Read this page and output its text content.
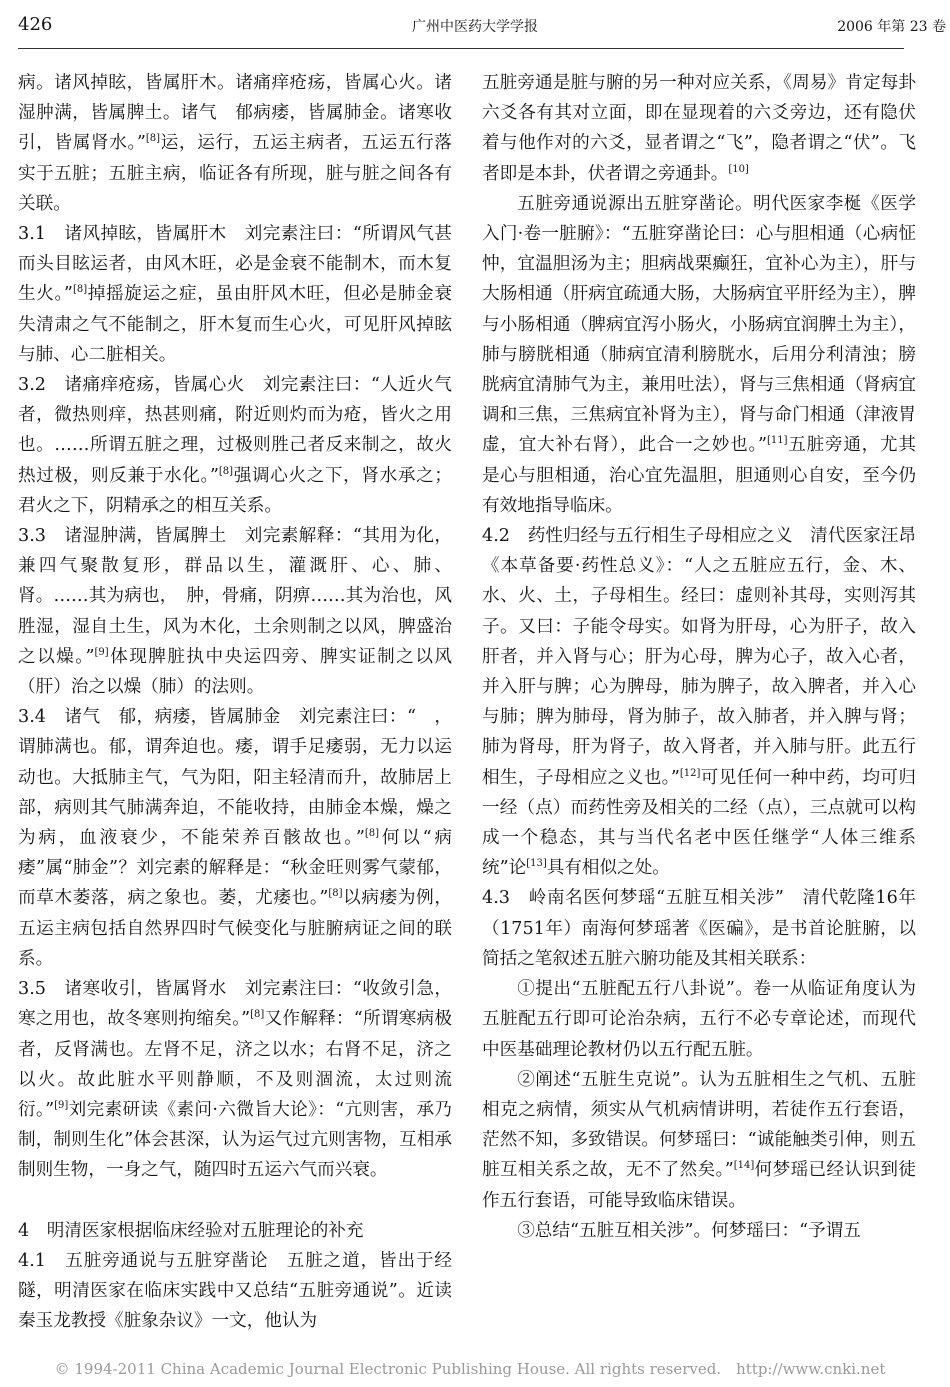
426	广州中医药大学学报	2006 年第 23 卷

病。诸风掉眩，皆属肝木。诸痛痒疮疡，皆属心火。诸湿肿满，皆属脾土。诸气　郁病痿，皆属肺金。诸寒收引，皆属肾水。”[8]运，运行，五运主病者，五运五行落实于五脏；五脏主病，临证各有所现，脏与脏之间各有关联。

3.1　诸风掉眩，皆属肝木　刘完素注曰：“所谓风气甚而头目眩运者，由风木旺，必是金衰不能制木，而木复生火。”[8]掉摇旋运之症，虽由肝风木旺，但必是肺金衰失清肃之气不能制之，肝木复而生心火，可见肝风掉眩与肺、心二脏相关。

3.2　诸痛痒疮疡，皆属心火　刘完素注曰：“人近火气者，微热则痒，热甚则痛，附近则灼而为疮，皆火之用也。……所谓五脏之理，过极则胜己者反来制之，故火热过极，则反兼于水化。”[8]强调心火之下，肾水承之；君火之下，阴精承之的相互关系。

3.3　诸湿肿满，皆属脾土　刘完素解释：“其用为化，兼四气聚散复形，群品以生，灌溉肝、心、肺、肾。……其为病也，　肿，骨痛，阴痹……其为治也，风胜湿，湿自土生，风为木化，土余则制之以风，脾盛治之以燥。”[9]体现脾脏执中央运四旁、脾实证制之以风（肝）治之以燥（肺）的法则。

3.4　诸气　郁，病痿，皆属肺金　刘完素注曰：“　，谓肺满也。郁，谓奔迫也。痿，谓手足痿弱，无力以运动也。大抵肺主气，气为阳，阳主轻清而升，故肺居上部，病则其气肺满奔迫，不能收持，由肺金本燥，燥之为病，血液衰少，不能荣养百骸故也。”[8]何以“病痿”属“肺金”？刘完素的解释是：“秋金旺则雾气蒙郁，而草木萎落，病之象也。萎，尤痿也。”[8]以病痿为例，五运主病包括自然界四时气候变化与脏腑病证之间的联系。

3.5　诸寒收引，皆属肾水　刘完素注曰：“收敛引急，寒之用也，故冬寒则拘缩矣。”[8]又作解释：“所谓寒病极者，反肾满也。左肾不足，济之以水；右肾不足，济之以火。故此脏水平则静顺，不及则涸流，太过则流衍。”[9]刘完素研读《素问·六微旨大论》：“亢则害，承乃制，制则生化”体会甚深，认为运气过亢则害物，互相承制则生物，一身之气，随四时五运六气而兴衰。

4　明清医家根据临床经验对五脏理论的补充

4.1　五脏旁通说与五脏穿凿论　五脏之道，皆出于经隧，明清医家在临床实践中又总结“五脏旁通说”。近读秦玉龙教授《脏象杂议》一文，他认为

五脏旁通是脏与腑的另一种对应关系，《周易》肯定每卦六爻各有其对立面，即在显现着的六爻旁边，还有隐伏着与他作对的六爻，显者谓之“飞”，隐者谓之“伏”。飞者即是本卦，伏者谓之旁通卦。[10]

五脏旁通说源出五脏穿凿论。明代医家李梴《医学入门·卷一脏腑》：“五脏穿凿论曰：心与胆相通（心病怔忡，宜温胆汤为主；胆病战栗癫狂，宜补心为主），肝与大肠相通（肝病宜疏通大肠，大肠病宜平肝经为主），脾与小肠相通（脾病宜泻小肠火，小肠病宜润脾土为主），肺与膀胱相通（肺病宜清利膀胱水，后用分利清浊；膀胱病宜清肺气为主，兼用吐法），肾与三焦相通（肾病宜调和三焦，三焦病宜补肾为主），肾与命门相通（津液胃虚，宜大补右肾），此合一之妙也。”[11]五脏旁通，尤其是心与胆相通，治心宜先温胆，胆通则心自安，至今仍有效地指导临床。

4.2　药性归经与五行相生子母相应之义　清代医家汪昂《本草备要·药性总义》：“人之五脏应五行，金、木、水、火、土，子母相生。经曰：虚则补其母，实则泻其子。又曰：子能令母实。如肾为肝母，心为肝子，故入肝者，并入肾与心；肝为心母，脾为心子，故入心者，并入肝与脾；心为脾母，肺为脾子，故入脾者，并入心与肺；脾为肺母，肾为肺子，故入肺者，并入脾与肾；肺为肾母，肝为肾子，故入肾者，并入肺与肝。此五行相生，子母相应之义也。”[12]可见任何一种中药，均可归一经（点）而药性旁及相关的二经（点），三点就可以构成一个稳态，其与当代名老中医任继学“人体三维系统”论[13]具有相似之处。

4.3　岭南名医何梦瑶“五脏互相关涉”　清代乾隆16年（1751年）南海何梦瑶著《医碥》，是书首论脏腑，以简括之笔叙述五脏六腑功能及其相关联系：

①提出“五脏配五行八卦说”。卷一从临证角度认为五脏配五行即可论治杂病，五行不必专章论述，而现代中医基础理论教材仍以五行配五脏。

②阐述“五脏生克说”。认为五脏相生之气机、五脏相克之病情，须实从气机病情讲明，若徒作五行套语，茫然不知，多致错误。何梦瑶曰：“诚能触类引伸，则五脏互相关系之故，无不了然矣。”[14]何梦瑶已经认识到徒作五行套语，可能导致临床错误。

③总结“五脏互相关涉”。何梦瑶曰：“予谓五

© 1994-2011 China Academic Journal Electronic Publishing House. All rights reserved.　http://www.cnki.net
